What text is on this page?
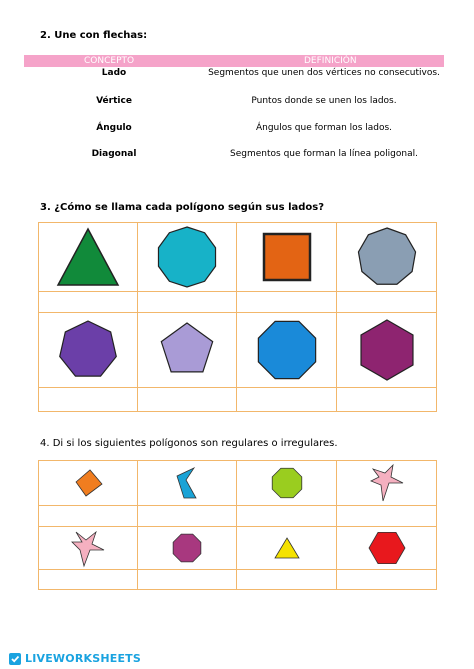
2. Une con flechas:
CONCEPTO	DEFINICIÓN
Lado	Segmentos que unen dos vértices no consecutivos.
Vértice	Puntos donde se unen los lados.
Ángulo	Ángulos que forman los lados.
Diagonal	Segmentos que forman la línea poligonal.
3. ¿Cómo se llama cada polígono según sus lados?
4. Di si los siguientes polígonos son regulares o irregulares.
LIVEWORKSHEETS
